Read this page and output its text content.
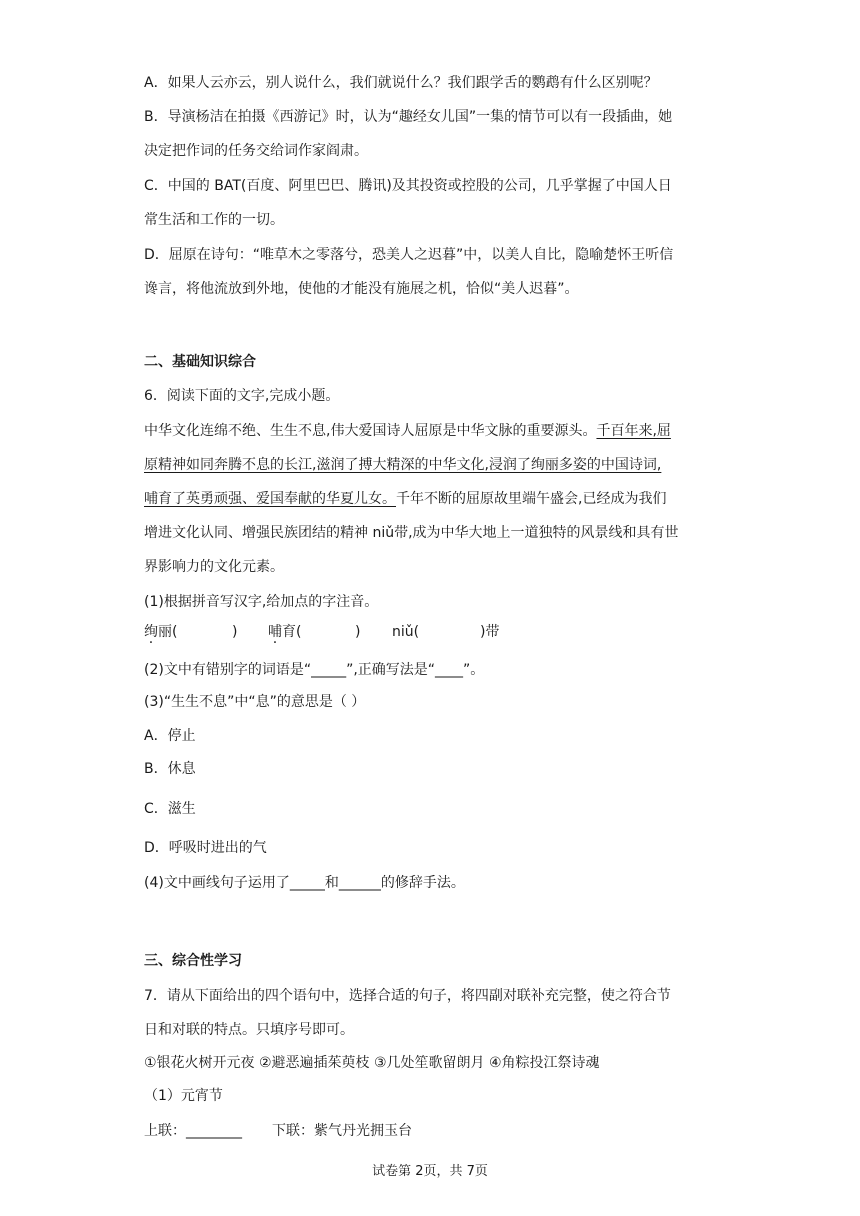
A．如果人云亦云，别人说什么，我们就说什么？我们跟学舌的鹦鹉有什么区别呢？
B．导演杨洁在拍摄《西游记》时，认为“趣经女儿国”一集的情节可以有一段插曲，她
决定把作词的任务交给词作家阎肃。
C．中国的 BAT(百度、阿里巴巴、腾讯)及其投资或控股的公司，几乎掌握了中国人日
常生活和工作的一切。
D．屈原在诗句：“唯草木之零落兮，恐美人之迟暮”中，以美人自比，隐喻楚怀王听信
谗言，将他流放到外地，使他的才能没有施展之机，恰似“美人迟暮”。
二、基础知识综合
6．阅读下面的文字,完成小题。
中华文化连绵不绝、生生不息,伟大爱国诗人屈原是中华文脉的重要源头。千百年来,屈
原精神如同奔腾不息的长江,滋润了搏大精深的中华文化,浸润了绚丽多姿的中国诗词,
哺育了英勇顽强、爱国奉献的华夏儿女。千年不断的屈原故里端午盛会,已经成为我们
增进文化认同、增强民族团结的精神 niǔ带,成为中华大地上一道独特的风景线和具有世
界影响力的文化元素。
(1)根据拼音写汉字,给加点的字注音。
绚丽(	) 哺育(	) niǔ(	)带
(2)文中有错别字的词语是“_____”,正确写法是“____”。
(3)“生生不息”中“息”的意思是（ ）
A．停止
B．休息
C．滋生
D．呼吸时进出的气
(4)文中画线句子运用了_____和______的修辞手法。
三、综合性学习
7．请从下面给出的四个语句中，选择合适的句子，将四副对联补充完整，使之符合节
日和对联的特点。只填序号即可。
①银花火树开元夜 ②避恶遍插茱萸枝 ③几处笙歌留朗月 ④角粽投江祭诗魂
（1）元宵节
上联：________ 下联：紫气丹光拥玉台
试卷第 2页，共 7页
